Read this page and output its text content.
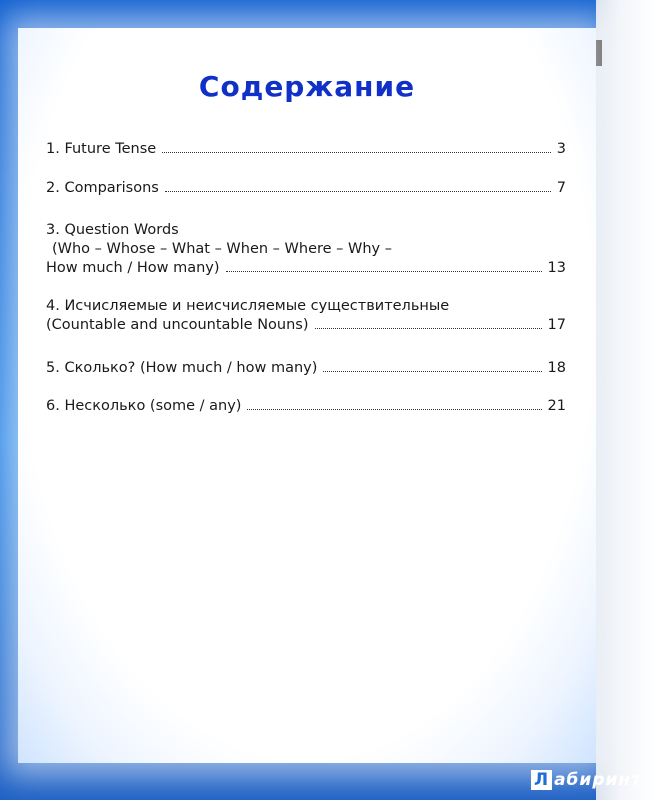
Содержание
1. Future Tense	3
2. Comparisons	7
3. Question Words
(Who – Whose – What – When – Where – Why –
How much / How many)	13
4. Исчисляемые и неисчисляемые существительные
(Countable and uncountable Nouns)	17
5. Сколько? (How much / how many)	18
6. Несколько (some / any)	21
Л абиринт
